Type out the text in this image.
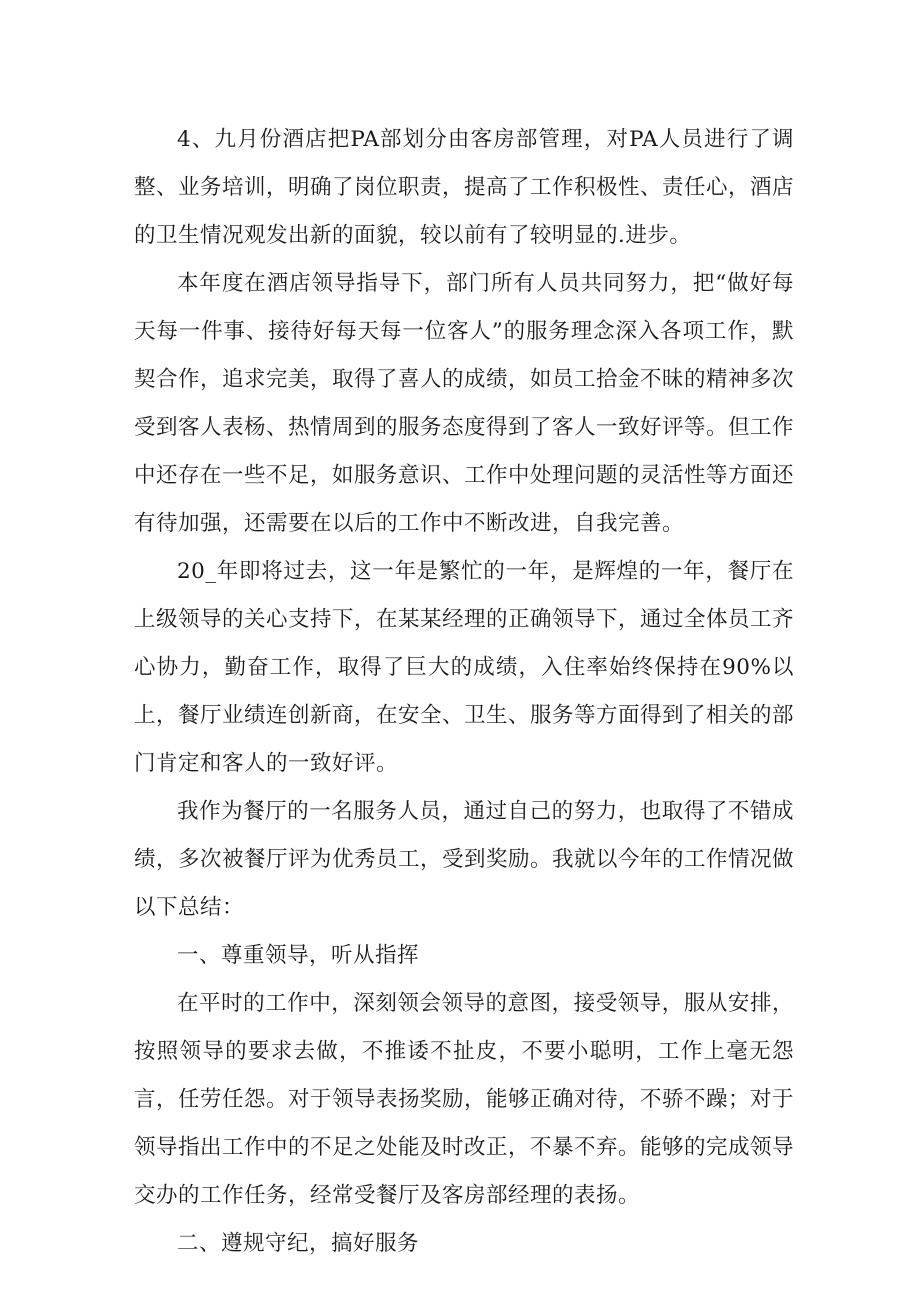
4、九月份酒店把PA部划分由客房部管理，对PA人员进行了调整、业务培训，明确了岗位职责，提高了工作积极性、责任心，酒店的卫生情况观发出新的面貌，较以前有了较明显的.进步。

本年度在酒店领导指导下，部门所有人员共同努力，把“做好每天每一件事、接待好每天每一位客人”的服务理念深入各项工作，默契合作，追求完美，取得了喜人的成绩，如员工拾金不昧的精神多次受到客人表杨、热情周到的服务态度得到了客人一致好评等。但工作中还存在一些不足，如服务意识、工作中处理问题的灵活性等方面还有待加强，还需要在以后的工作中不断改进，自我完善。

20_年即将过去，这一年是繁忙的一年，是辉煌的一年，餐厅在上级领导的关心支持下，在某某经理的正确领导下，通过全体员工齐心协力，勤奋工作，取得了巨大的成绩，入住率始终保持在90%以上，餐厅业绩连创新商，在安全、卫生、服务等方面得到了相关的部门肯定和客人的一致好评。

我作为餐厅的一名服务人员，通过自己的努力，也取得了不错成绩，多次被餐厅评为优秀员工，受到奖励。我就以今年的工作情况做以下总结：

一、尊重领导，听从指挥

在平时的工作中，深刻领会领导的意图，接受领导，服从安排，按照领导的要求去做，不推诿不扯皮，不要小聪明，工作上毫无怨言，任劳任怨。对于领导表扬奖励，能够正确对待，不骄不躁；对于领导指出工作中的不足之处能及时改正，不暴不弃。能够的完成领导交办的工作任务，经常受餐厅及客房部经理的表扬。

二、遵规守纪，搞好服务
